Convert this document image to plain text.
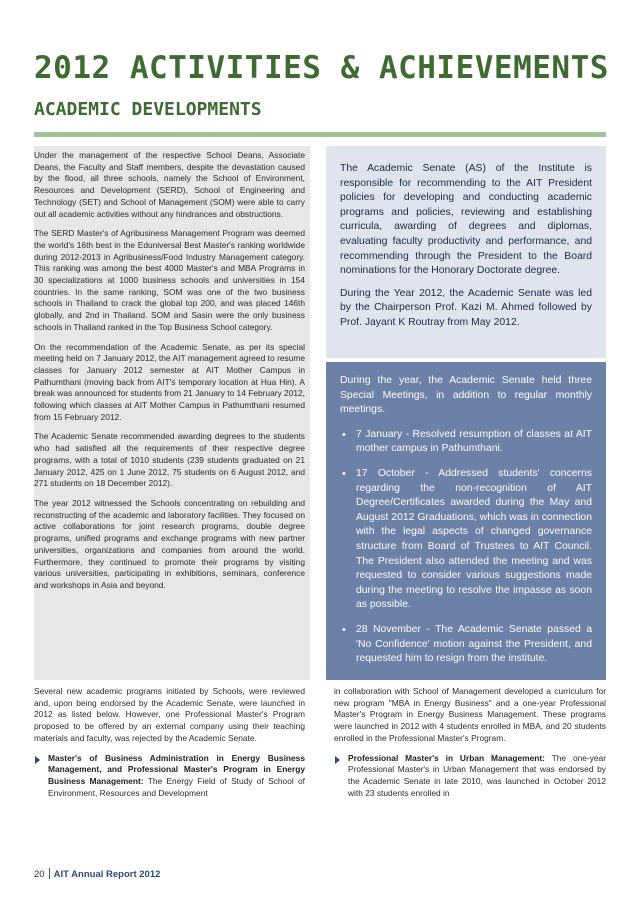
2012 ACTIVITIES & ACHIEVEMENTS
ACADEMIC DEVELOPMENTS

Under the management of the respective School Deans, Associate Deans, the Faculty and Staff members, despite the devastation caused by the flood, all three schools, namely the School of Environment, Resources and Development (SERD), School of Engineering and Technology (SET) and School of Management (SOM) were able to carry out all academic activities without any hindrances and obstructions.

The SERD Master's of Agribusiness Management Program was deemed the world's 16th best in the Eduniversal Best Master's ranking worldwide during 2012-2013 in Agribusiness/Food Industry Management category. This ranking was among the best 4000 Master's and MBA Programs in 30 specializations at 1000 business schools and universities in 154 countries. In the same ranking, SOM was one of the two business schools in Thailand to crack the global top 200, and was placed 146th globally, and 2nd in Thailand. SOM and Sasin were the only business schools in Thailand ranked in the Top Business School category.

On the recommendation of the Academic Senate, as per its special meeting held on 7 January 2012, the AIT management agreed to resume classes for January 2012 semester at AIT Mother Campus in Pathumthani (moving back from AIT's temporary location at Hua Hin). A break was announced for students from 21 January to 14 February 2012, following which classes at AIT Mother Campus in Pathumthani resumed from 15 February 2012.

The Academic Senate recommended awarding degrees to the students who had satisfied all the requirements of their respective degree programs, with a total of 1010 students (239 students graduated on 21 January 2012, 425 on 1 June 2012, 75 students on 6 August 2012, and 271 students on 18 December 2012).

The year 2012 witnessed the Schools concentrating on rebuilding and reconstructing of the academic and laboratory facilities. They focused on active collaborations for joint research programs, double degree programs, unified programs and exchange programs with new partner universities, organizations and companies from around the world. Furthermore, they continued to promote their programs by visiting various universities, participating in exhibitions, seminars, conference and workshops in Asia and beyond.

The Academic Senate (AS) of the Institute is responsible for recommending to the AIT President policies for developing and conducting academic programs and policies, reviewing and establishing curricula, awarding of degrees and diplomas, evaluating faculty productivity and performance, and recommending through the President to the Board nominations for the Honorary Doctorate degree.

During the Year 2012, the Academic Senate was led by the Chairperson Prof. Kazi M. Ahmed followed by Prof. Jayant K Routray from May 2012.

During the year, the Academic Senate held three Special Meetings, in addition to regular monthly meetings.

• 7 January - Resolved resumption of classes at AIT mother campus in Pathumthani.
• 17 October - Addressed students' concerns regarding the non-recognition of AIT Degree/Certificates awarded during the May and August 2012 Graduations, which was in connection with the legal aspects of changed governance structure from Board of Trustees to AIT Council. The President also attended the meeting and was requested to consider various suggestions made during the meeting to resolve the impasse as soon as possible.
• 28 November - The Academic Senate passed a 'No Confidence' motion against the President, and requested him to resign from the institute.

Several new academic programs initiated by Schools, were reviewed and, upon being endorsed by the Academic Senate, were launched in 2012 as listed below. However, one Professional Master's Program proposed to be offered by an external company using their teaching materials and faculty, was rejected by the Academic Senate.

Master's of Business Administration in Energy Business Management, and Professional Master's Program in Energy Business Management: The Energy Field of Study of School of Environment, Resources and Development

in collaboration with School of Management developed a curriculum for new program "MBA in Energy Business" and a one-year Professional Master's Program in Energy Business Management. These programs were launched in 2012 with 4 students enrolled in MBA, and 20 students enrolled in the Professional Master's Program.

Professional Master's in Urban Management: The one-year Professional Master's in Urban Management that was endorsed by the Academic Senate in late 2010, was launched in October 2012 with 23 students enrolled in

20 AIT Annual Report 2012
